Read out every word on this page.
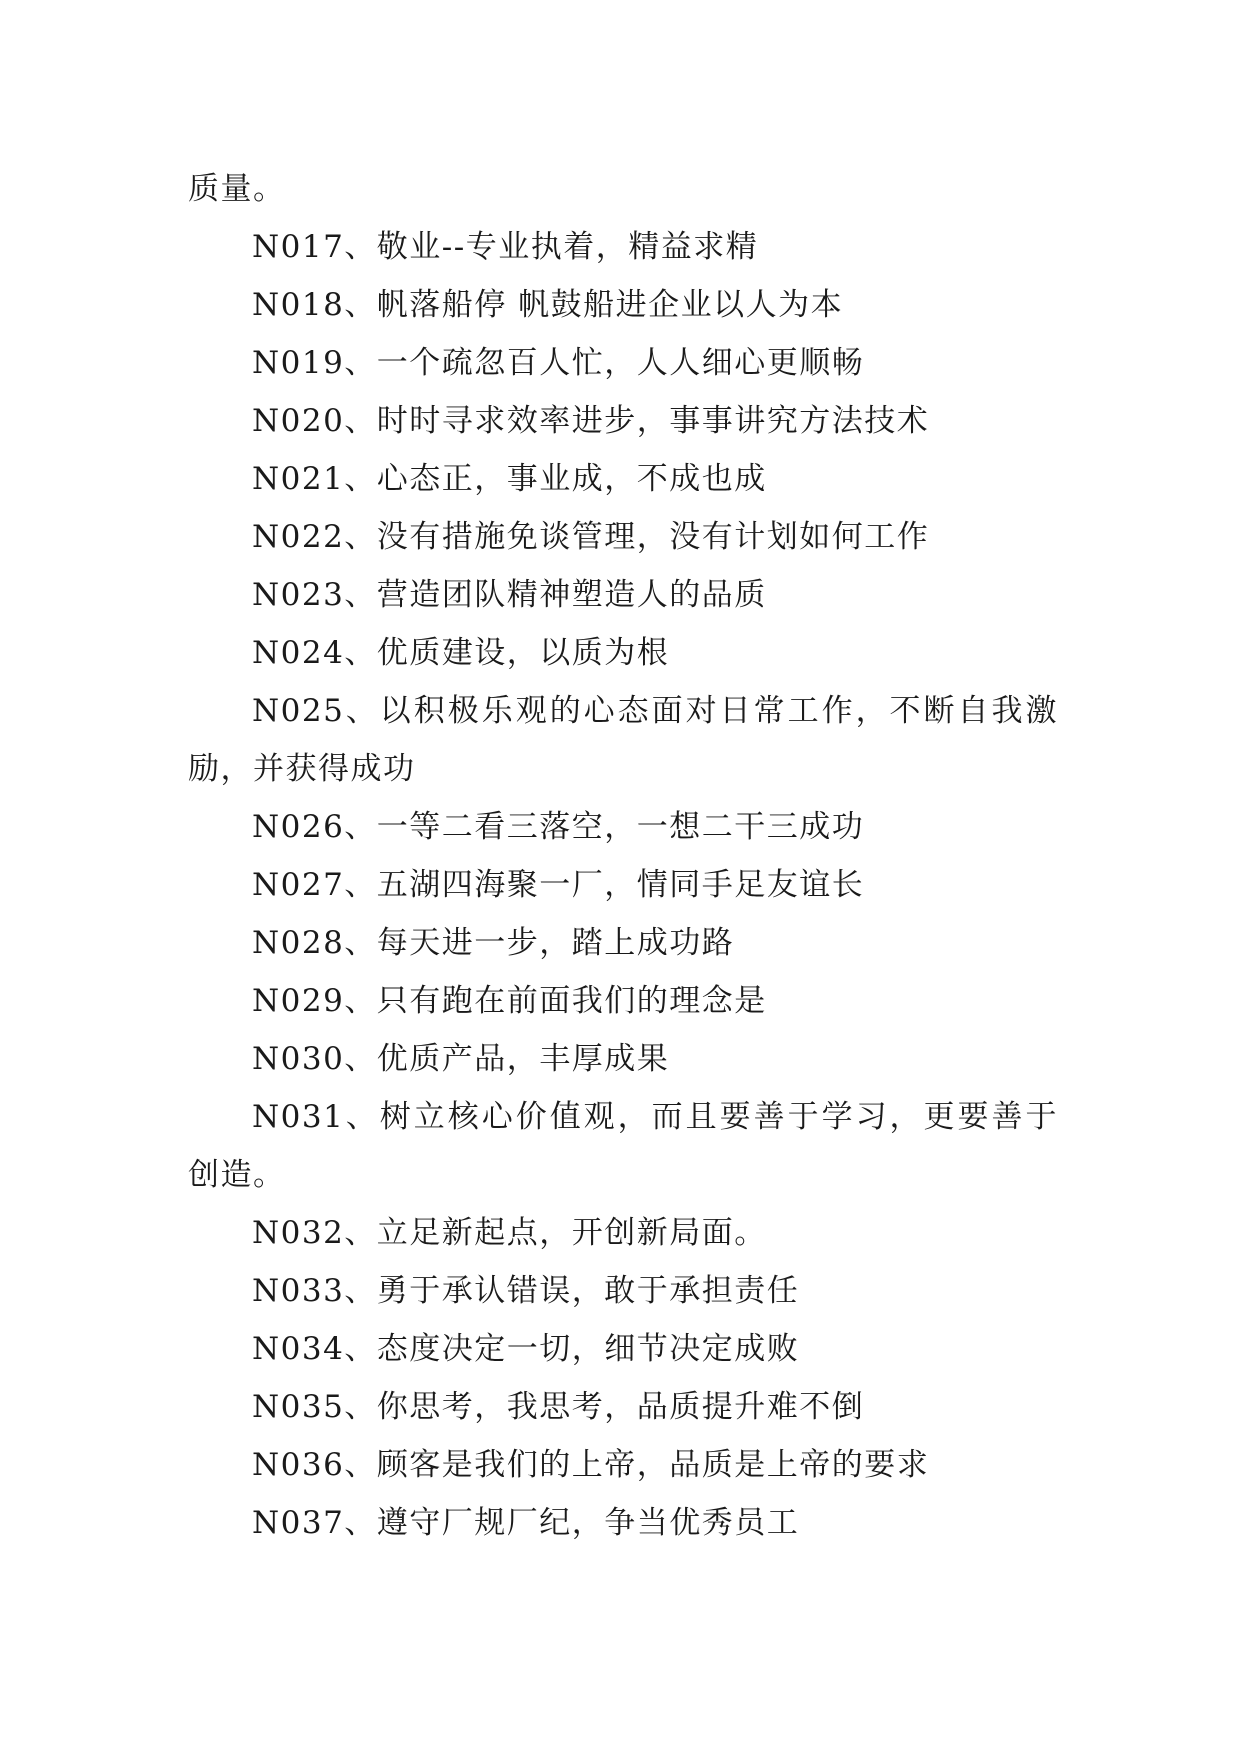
质量。
N017、敬业--专业执着，精益求精
N018、帆落船停 帆鼓船进企业以人为本
N019、一个疏忽百人忙，人人细心更顺畅
N020、时时寻求效率进步，事事讲究方法技术
N021、心态正，事业成，不成也成
N022、没有措施免谈管理，没有计划如何工作
N023、营造团队精神塑造人的品质
N024、优质建设，以质为根
N025、以积极乐观的心态面对日常工作，不断自我激励，并获得成功
N026、一等二看三落空，一想二干三成功
N027、五湖四海聚一厂，情同手足友谊长
N028、每天进一步，踏上成功路
N029、只有跑在前面我们的理念是
N030、优质产品，丰厚成果
N031、树立核心价值观，而且要善于学习，更要善于创造。
N032、立足新起点，开创新局面。
N033、勇于承认错误，敢于承担责任
N034、态度决定一切，细节决定成败
N035、你思考，我思考，品质提升难不倒
N036、顾客是我们的上帝，品质是上帝的要求
N037、遵守厂规厂纪，争当优秀员工
